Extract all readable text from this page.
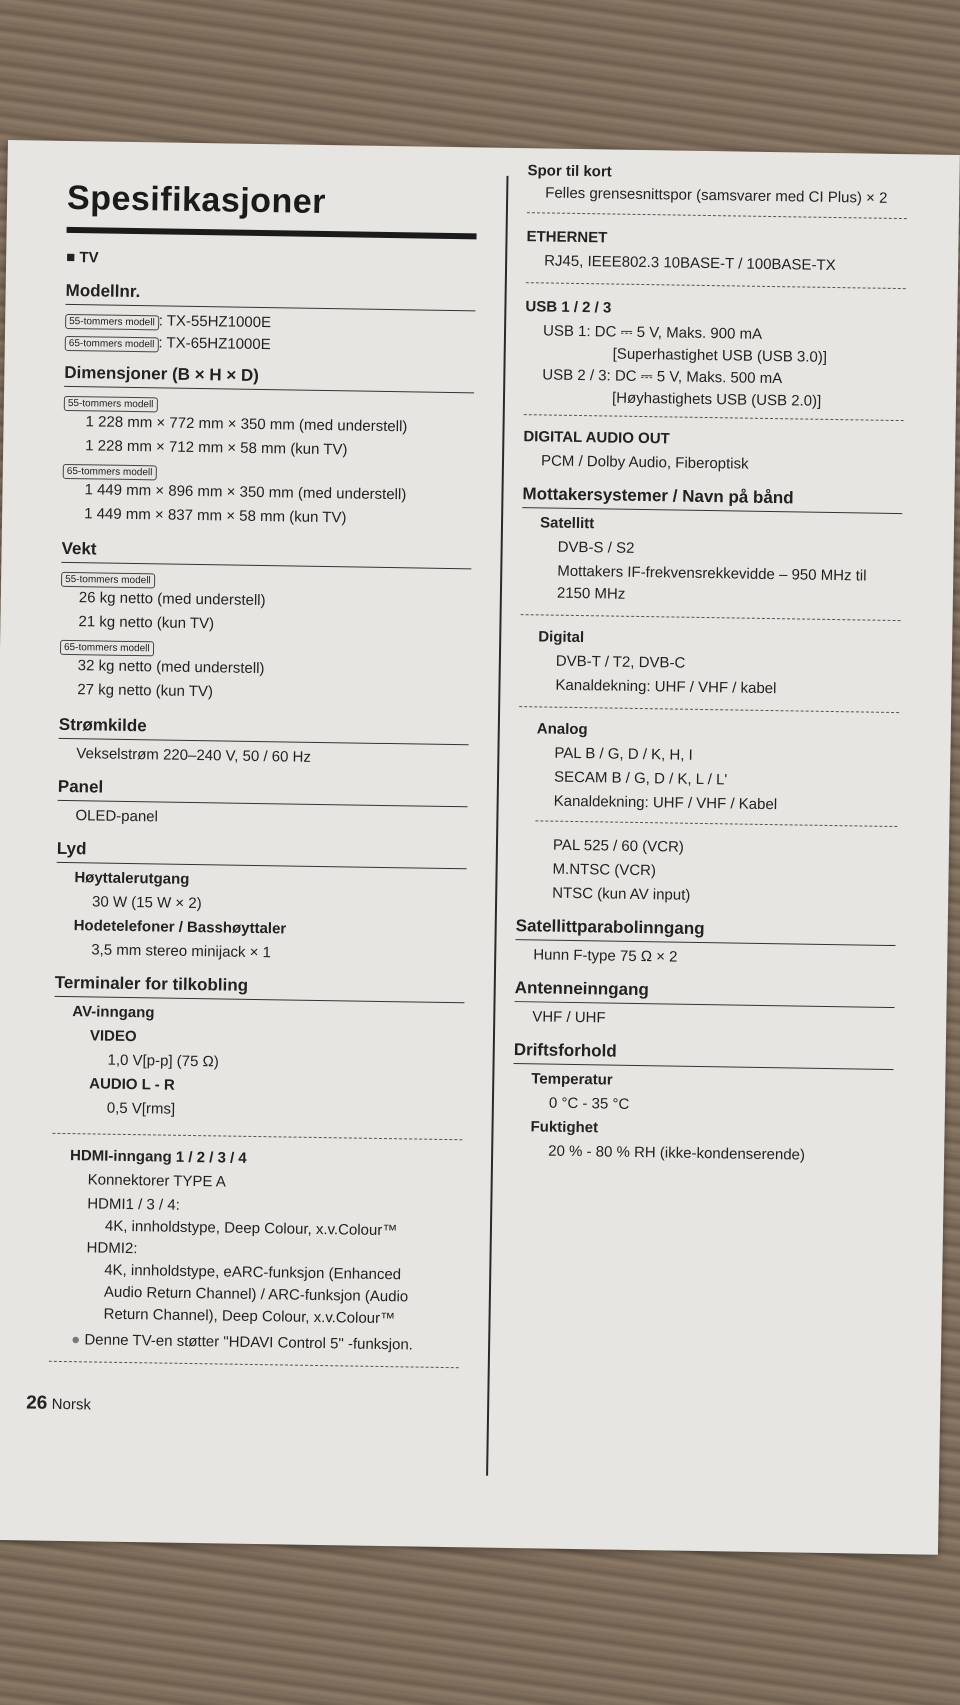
Spesifikasjoner
■ TV
Modellnr.
55-tommers modell : TX-55HZ1000E
65-tommers modell : TX-65HZ1000E
Dimensjoner (B × H × D)
55-tommers modell
1 228 mm × 772 mm × 350 mm (med understell)
1 228 mm × 712 mm × 58 mm (kun TV)
65-tommers modell
1 449 mm × 896 mm × 350 mm (med understell)
1 449 mm × 837 mm × 58 mm (kun TV)
Vekt
55-tommers modell
26 kg netto (med understell)
21 kg netto (kun TV)
65-tommers modell
32 kg netto (med understell)
27 kg netto (kun TV)
Strømkilde
Vekselstrøm 220–240 V, 50 / 60 Hz
Panel
OLED-panel
Lyd
Høyttalerutgang
30 W (15 W × 2)
Hodetelefoner / Basshøyttaler
3,5 mm stereo minijack × 1
Terminaler for tilkobling
AV-inngang
VIDEO
1,0 V[p-p] (75 Ω)
AUDIO L - R
0,5 V[rms]
HDMI-inngang 1 / 2 / 3 / 4
Konnektorer TYPE A
HDMI1 / 3 / 4:
4K, innholdstype, Deep Colour, x.v.Colour™
HDMI2:
4K, innholdstype, eARC-funksjon (Enhanced
Audio Return Channel) / ARC-funksjon (Audio
Return Channel), Deep Colour, x.v.Colour™
● Denne TV-en støtter "HDAVI Control 5" -funksjon.
26 Norsk
Spor til kort
Felles grensesnittspor (samsvarer med CI Plus) × 2
ETHERNET
RJ45, IEEE802.3 10BASE-T / 100BASE-TX
USB 1 / 2 / 3
USB 1: DC ⎓ 5 V, Maks. 900 mA
[Superhastighet USB (USB 3.0)]
USB 2 / 3: DC ⎓ 5 V, Maks. 500 mA
[Høyhastighets USB (USB 2.0)]
DIGITAL AUDIO OUT
PCM / Dolby Audio, Fiberoptisk
Mottakersystemer / Navn på bånd
Satellitt
DVB-S / S2
Mottakers IF-frekvensrekkevidde – 950 MHz til
2150 MHz
Digital
DVB-T / T2, DVB-C
Kanaldekning: UHF / VHF / kabel
Analog
PAL B / G, D / K, H, I
SECAM B / G, D / K, L / L'
Kanaldekning: UHF / VHF / Kabel
PAL 525 / 60 (VCR)
M.NTSC (VCR)
NTSC (kun AV input)
Satellittparabolinngang
Hunn F-type 75 Ω × 2
Antenneinngang
VHF / UHF
Driftsforhold
Temperatur
0 °C - 35 °C
Fuktighet
20 % - 80 % RH (ikke-kondenserende)
